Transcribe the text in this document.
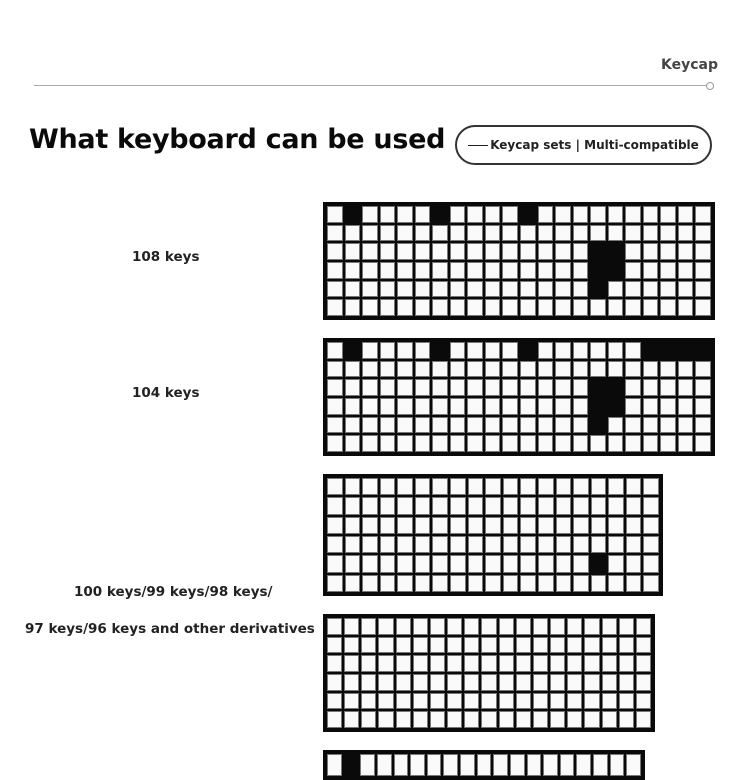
Keycap
What keyboard can be used	Keycap sets | Multi-compatible
108 keys
104 keys
100 keys/99 keys/98 keys/
97 keys/96 keys and other derivatives
